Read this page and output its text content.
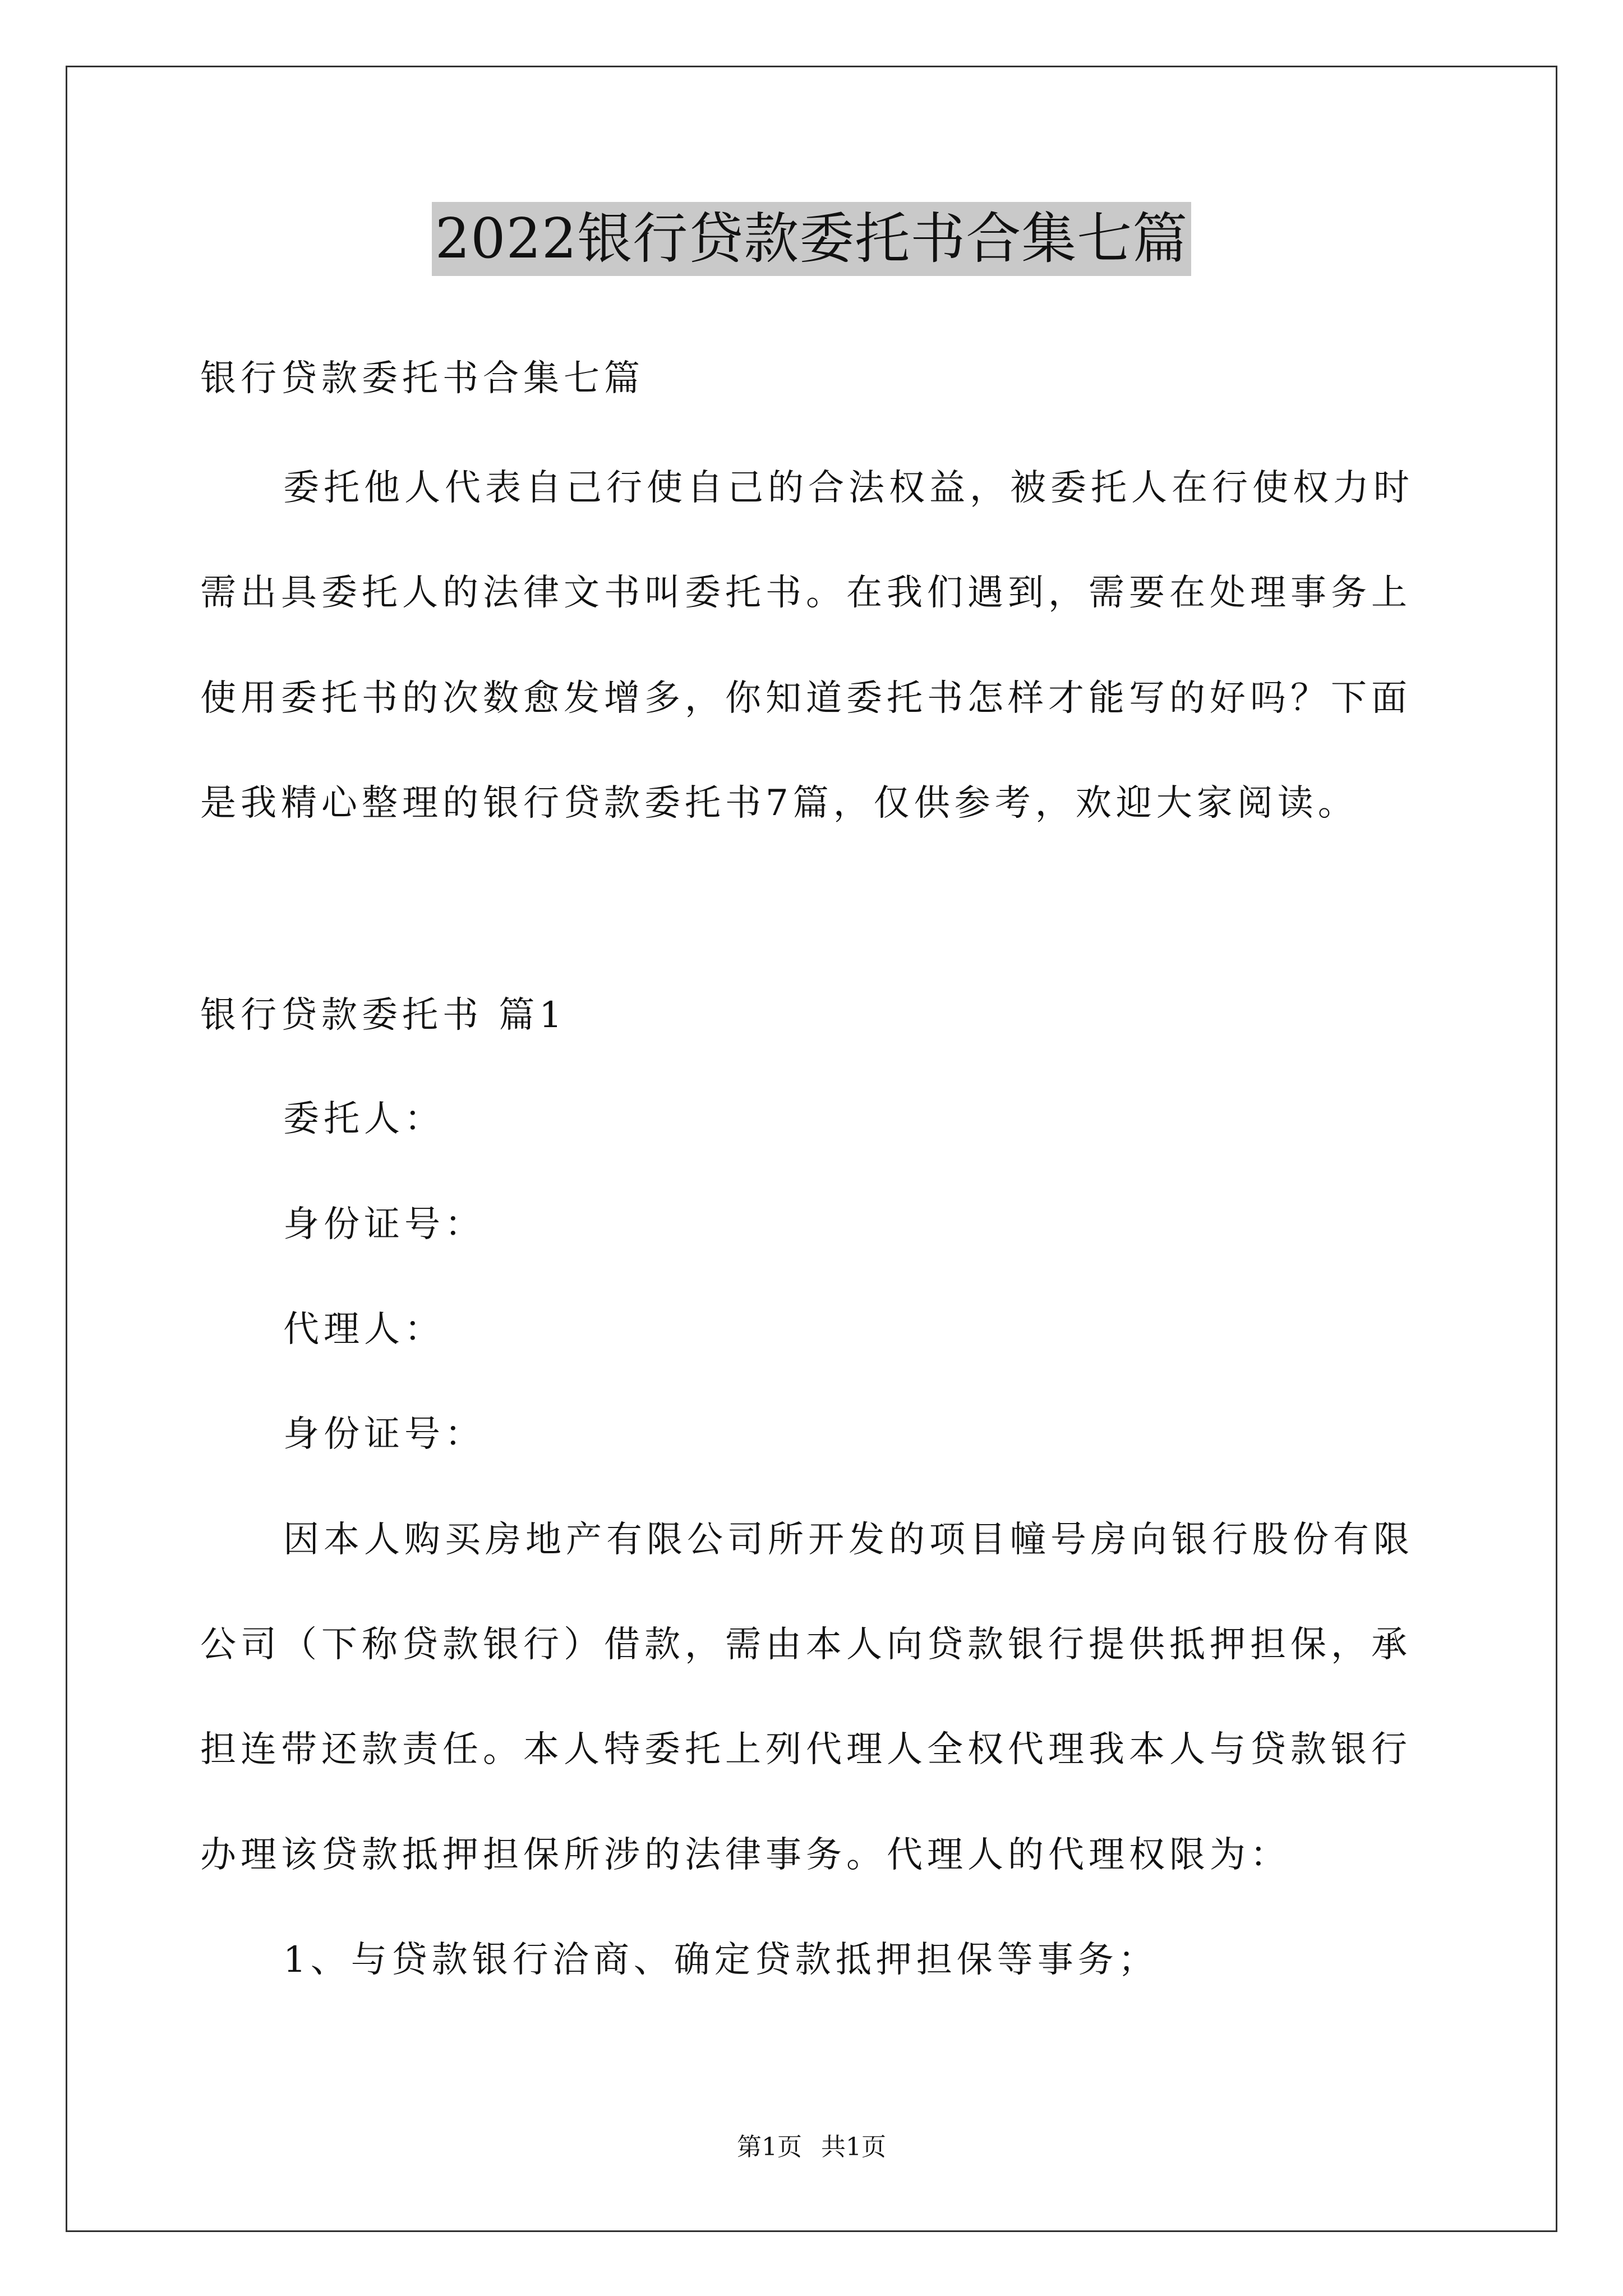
2022银行贷款委托书合集七篇
银行贷款委托书合集七篇
委托他人代表自己行使自己的合法权益，被委托人在行使权力时
需出具委托人的法律文书叫委托书。在我们遇到，需要在处理事务上
使用委托书的次数愈发增多，你知道委托书怎样才能写的好吗？下面
是我精心整理的银行贷款委托书7篇，仅供参考，欢迎大家阅读。
银行贷款委托书 篇1
委托人：
身份证号：
代理人：
身份证号：
因本人购买房地产有限公司所开发的项目幢号房向银行股份有限
公司（下称贷款银行）借款，需由本人向贷款银行提供抵押担保，承
担连带还款责任。本人特委托上列代理人全权代理我本人与贷款银行
办理该贷款抵押担保所涉的法律事务。代理人的代理权限为：
1、与贷款银行洽商、确定贷款抵押担保等事务；
第1页 共1页
